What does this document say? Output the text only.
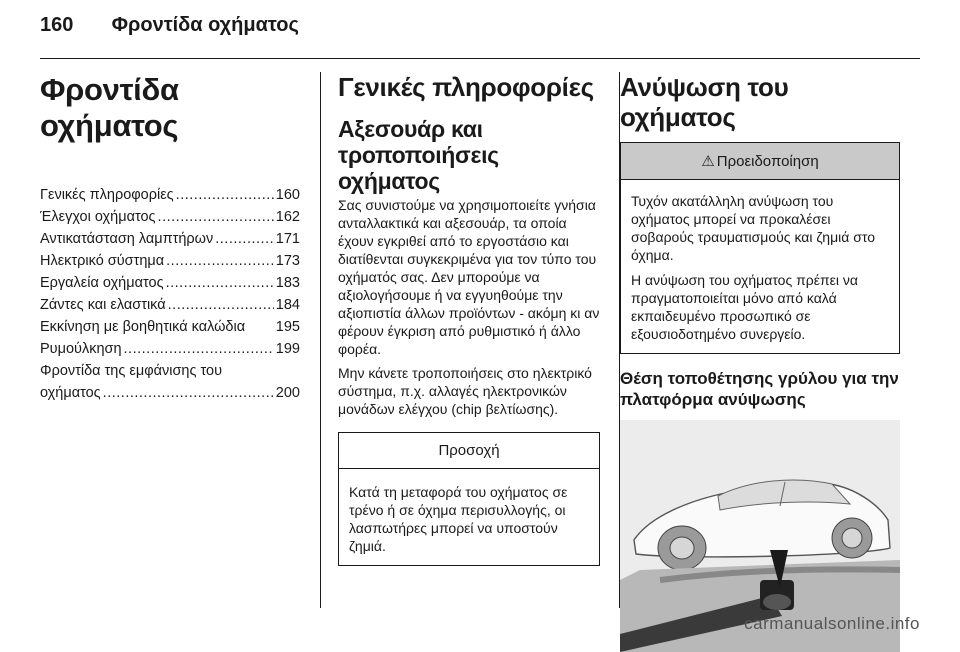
160 Φροντίδα οχήματος
Φροντίδα οχήματος
Γενικές πληροφορίες .....	160
Έλεγχοι οχήματος .....	162
Αντικατάσταση λαμπτήρων .....	171
Ηλεκτρικό σύστημα .....	173
Εργαλεία οχήματος .....	183
Ζάντες και ελαστικά .....	184
Εκκίνηση με βοηθητικά καλώδια 195
Ρυμούλκηση .....	199
Φροντίδα της εμφάνισης του
οχήματος .....	200
Γενικές πληροφορίες
Αξεσουάρ και τροποποιήσεις οχήματος

Σας συνιστούμε να χρησιμοποιείτε γνήσια ανταλλακτικά και αξεσουάρ, τα οποία έχουν εγκριθεί από το εργοστάσιο και διατίθενται συγκεκριμένα για τον τύπο του οχήματός σας. Δεν μπορούμε να αξιολογήσουμε ή να εγγυηθούμε την αξιοπιστία άλλων προϊόντων - ακόμη κι αν φέρουν έγκριση από ρυθμιστικό ή άλλο φορέα.

Μην κάνετε τροποποιήσεις στο ηλεκτρικό σύστημα, π.χ. αλλαγές ηλεκτρονικών μονάδων ελέγχου (chip βελτίωσης).

Προσοχή

Κατά τη μεταφορά του οχήματος σε τρένο ή σε όχημα περισυλλογής, οι λασπωτήρες μπορεί να υποστούν ζημιά.

Ανύψωση του οχήματος
⚠ Προειδοποίηση

Τυχόν ακατάλληλη ανύψωση του οχήματος μπορεί να προκαλέσει σοβαρούς τραυματισμούς και ζημιά στο όχημα.

Η ανύψωση του οχήματος πρέπει να πραγματοποιείται μόνο από καλά εκπαιδευμένο προσωπικό σε εξουσιοδοτημένο συνεργείο.

Θέση τοποθέτησης γρύλου για την πλατφόρμα ανύψωσης
carmanualsonline.info
